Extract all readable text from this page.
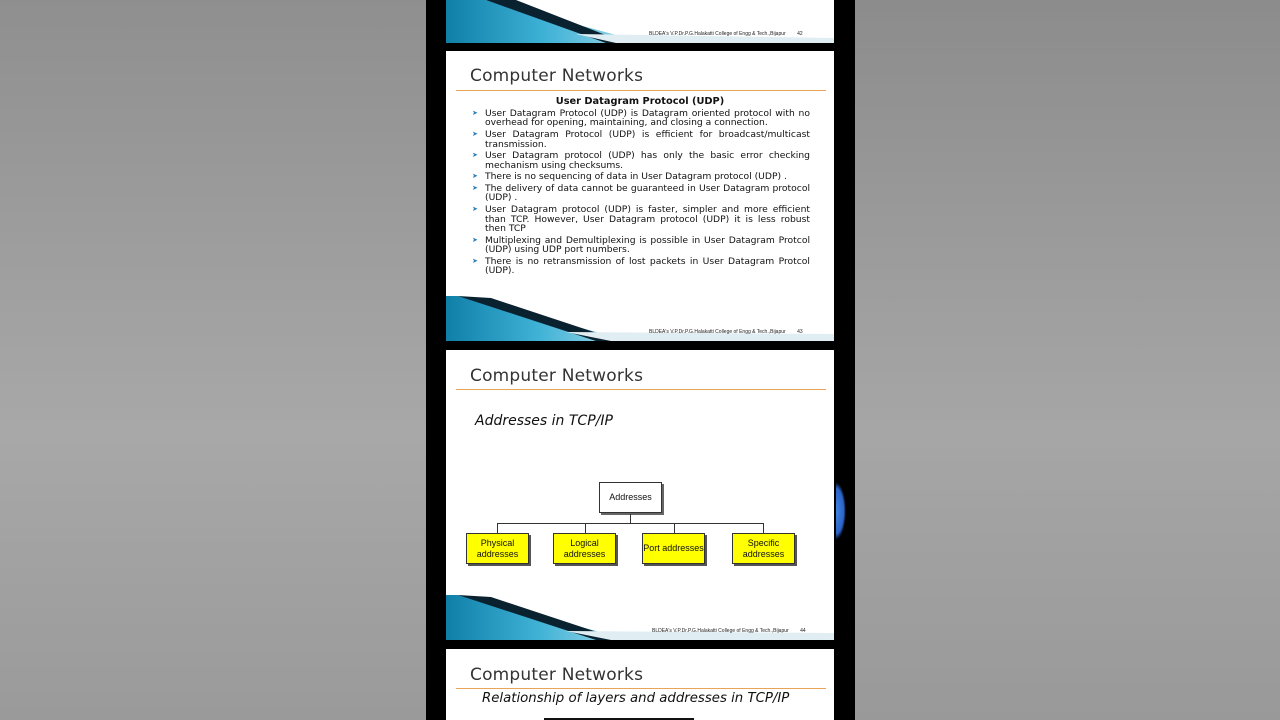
BLDEA's V.P.Dr.P.G.Halakatti College of Engg & Tech.,Bijapur 42
Computer Networks
User Datagram Protocol (UDP)
➤ User Datagram Protocol (UDP) is Datagram oriented protocol with no overhead for opening, maintaining, and closing a connection.
➤ User Datagram Protocol (UDP) is efficient for broadcast/multicast transmission.
➤ User Datagram protocol (UDP) has only the basic error checking mechanism using checksums.
➤ There is no sequencing of data in User Datagram protocol (UDP) .
➤ The delivery of data cannot be guaranteed in User Datagram protocol (UDP) .
➤ User Datagram protocol (UDP) is faster, simpler and more efficient than TCP. However, User Datagram protocol (UDP) it is less robust then TCP
➤ Multiplexing and Demultiplexing is possible in User Datagram Protcol (UDP) using UDP port numbers.
➤ There is no retransmission of lost packets in User Datagram Protcol (UDP).
BLDEA's V.P.Dr.P.G.Halakatti College of Engg & Tech.,Bijapur 43
Computer Networks
Addresses in TCP/IP
Addresses
Physical addresses
Logical addresses
Port addresses
Specific addresses
BLDEA's V.P.Dr.P.G.Halakatti College of Engg & Tech.,Bijapur 44
Computer Networks
Relationship of layers and addresses in TCP/IP
